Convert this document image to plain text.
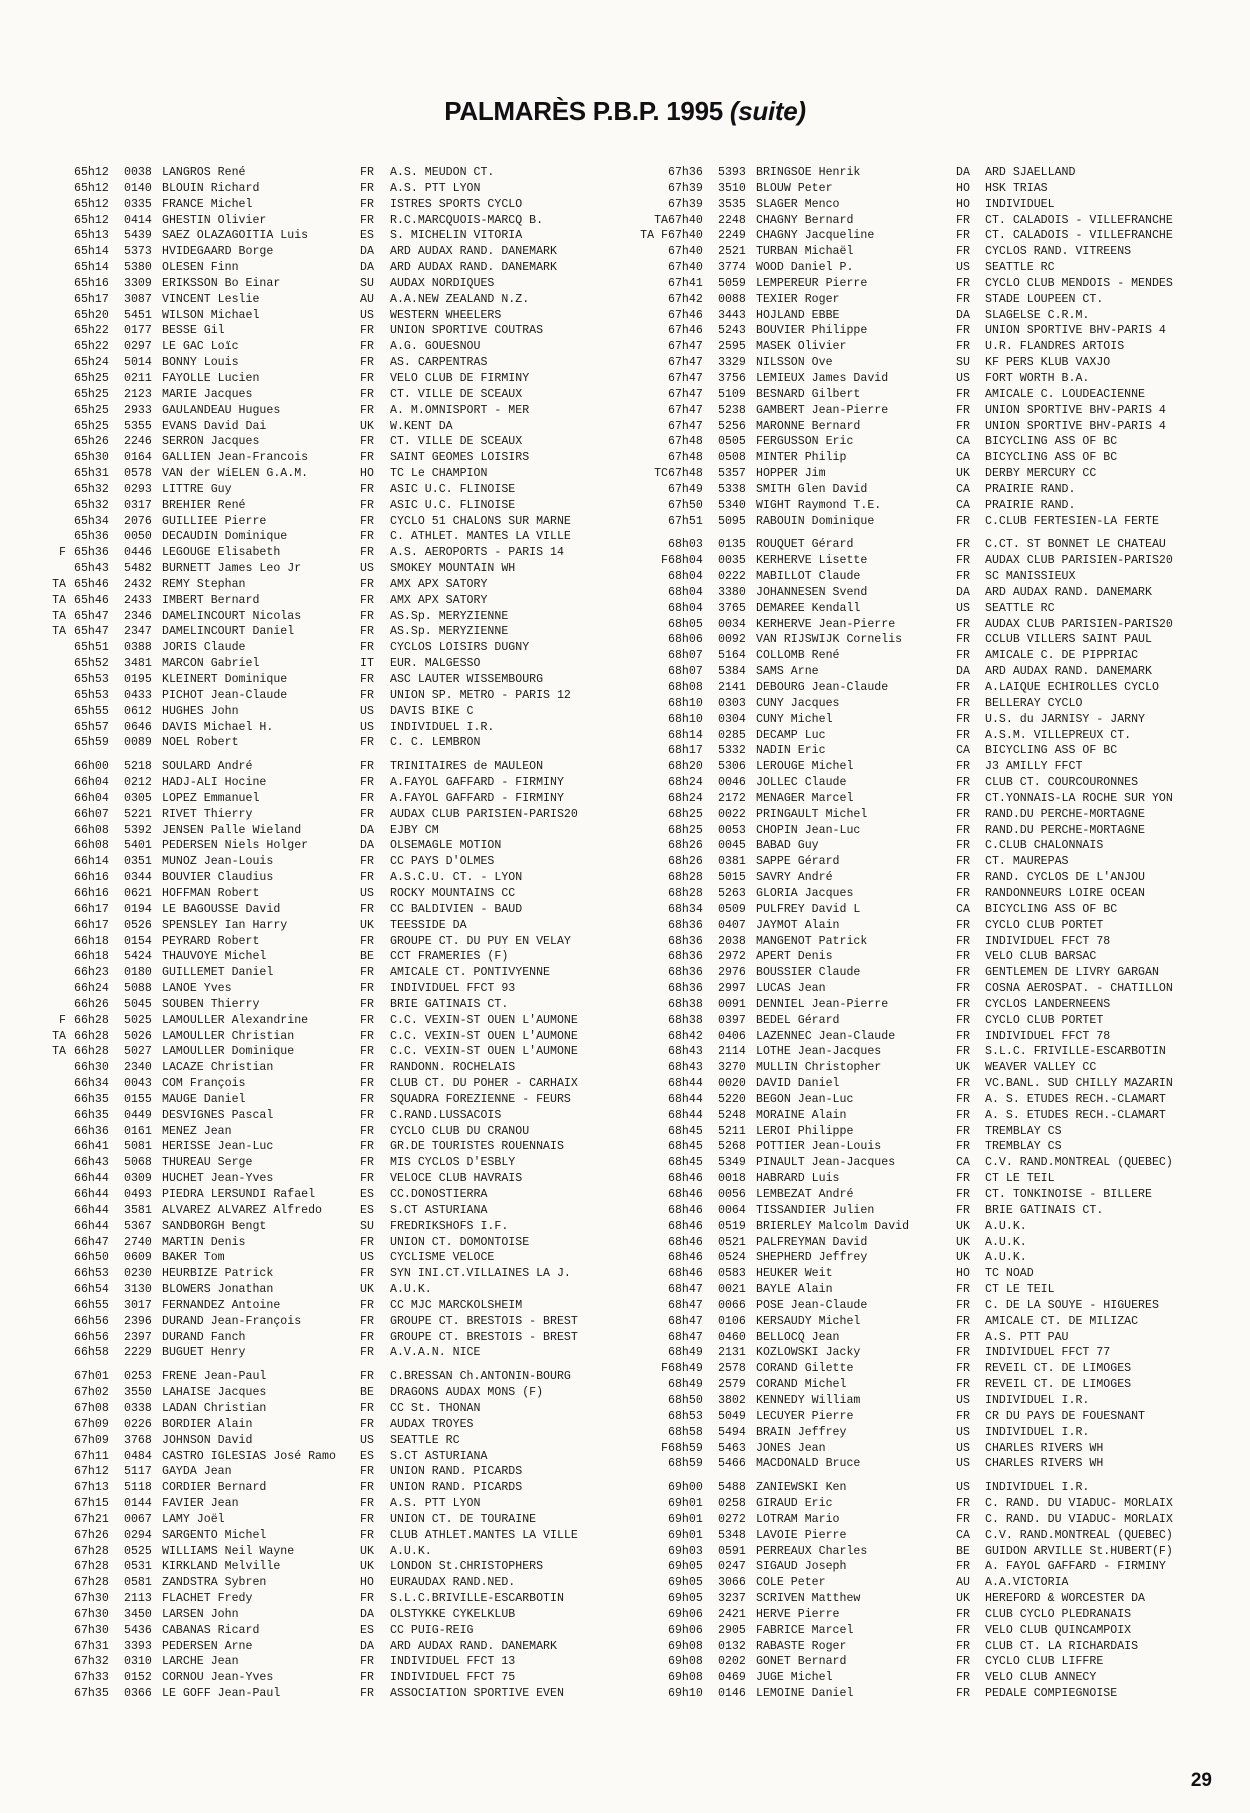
PALMARÈS P.B.P. 1995 (suite)
65h12 0038 LANGROS René	FR A.S. MEUDON CT.
65h12 0140 BLOUIN Richard	FR A.S. PTT LYON
65h12 0335 FRANCE Michel	FR ISTRES SPORTS CYCLO
65h12 0414 GHESTIN Olivier	FR R.C.MARCQUOIS-MARCQ B.
65h13 5439 SAEZ OLAZAGOITIA Luis	ES S. MICHELIN VITORIA
65h14 5373 HVIDEGAARD Borge	DA ARD AUDAX RAND. DANEMARK
65h14 5380 OLESEN Finn	DA ARD AUDAX RAND. DANEMARK
65h16 3309 ERIKSSON Bo Einar	SU AUDAX NORDIQUES
65h17 3087 VINCENT Leslie	AU A.A.NEW ZEALAND N.Z.
65h20 5451 WILSON Michael	US WESTERN WHEELERS
65h22 0177 BESSE Gil	FR UNION SPORTIVE COUTRAS
65h22 0297 LE GAC Loïc	FR A.G. GOUESNOU
65h24 5014 BONNY Louis	FR AS. CARPENTRAS
65h25 0211 FAYOLLE Lucien	FR VELO CLUB DE FIRMINY
65h25 2123 MARIE Jacques	FR CT. VILLE DE SCEAUX
65h25 2933 GAULANDEAU Hugues	FR A. M.OMNISPORT - MER
65h25 5355 EVANS David Dai	UK W.KENT DA
65h26 2246 SERRON Jacques	FR CT. VILLE DE SCEAUX
65h30 0164 GALLIEN Jean-Francois	FR SAINT GEOMES LOISIRS
65h31 0578 VAN der WiELEN G.A.M.	HO TC Le CHAMPION
65h32 0293 LITTRE Guy	FR ASIC U.C. FLINOISE
65h32 0317 BREHIER René	FR ASIC U.C. FLINOISE
65h34 2076 GUILLIEE Pierre	FR CYCLO 51 CHALONS SUR MARNE
65h36 0050 DECAUDIN Dominique	FR C. ATHLET. MANTES LA VILLE
F 65h36 0446 LEGOUGE Elisabeth	FR A.S. AEROPORTS - PARIS 14
65h43 5482 BURNETT James Leo Jr	US SMOKEY MOUNTAIN WH
TA 65h46 2432 REMY Stephan	FR AMX APX SATORY
TA 65h46 2433 IMBERT Bernard	FR AMX APX SATORY
TA 65h47 2346 DAMELINCOURT Nicolas	FR AS.Sp. MERYZIENNE
TA 65h47 2347 DAMELINCOURT Daniel	FR AS.Sp. MERYZIENNE
65h51 0388 JORIS Claude	FR CYCLOS LOISIRS DUGNY
65h52 3481 MARCON Gabriel	IT EUR. MALGESSO
65h53 0195 KLEINERT Dominique	FR ASC LAUTER WISSEMBOURG
65h53 0433 PICHOT Jean-Claude	FR UNION SP. METRO - PARIS 12
65h55 0612 HUGHES John	US DAVIS BIKE C
65h57 0646 DAVIS Michael H.	US INDIVIDUEL I.R.
65h59 0089 NOEL Robert	FR C. C. LEMBRON
66h00 5218 SOULARD André	FR TRINITAIRES de MAULEON
66h04 0212 HADJ-ALI Hocine	FR A.FAYOL GAFFARD - FIRMINY
66h04 0305 LOPEZ Emmanuel	FR A.FAYOL GAFFARD - FIRMINY
66h07 5221 RIVET Thierry	FR AUDAX CLUB PARISIEN-PARIS20
66h08 5392 JENSEN Palle Wieland	DA EJBY CM
66h08 5401 PEDERSEN Niels Holger	DA OLSEMAGLE MOTION
66h14 0351 MUNOZ Jean-Louis	FR CC PAYS D'OLMES
66h16 0344 BOUVIER Claudius	FR A.S.C.U. CT. - LYON
66h16 0621 HOFFMAN Robert	US ROCKY MOUNTAINS CC
66h17 0194 LE BAGOUSSE David	FR CC BALDIVIEN - BAUD
66h17 0526 SPENSLEY Ian Harry	UK TEESSIDE DA
66h18 0154 PEYRARD Robert	FR GROUPE CT. DU PUY EN VELAY
66h18 5424 THAUVOYE Michel	BE CCT FRAMERIES (F)
66h23 0180 GUILLEMET Daniel	FR AMICALE CT. PONTIVYENNE
66h24 5088 LANOE Yves	FR INDIVIDUEL FFCT 93
66h26 5045 SOUBEN Thierry	FR BRIE GATINAIS CT.
F 66h28 5025 LAMOULLER Alexandrine	FR C.C. VEXIN-ST OUEN L'AUMONE
TA 66h28 5026 LAMOULLER Christian	FR C.C. VEXIN-ST OUEN L'AUMONE
TA 66h28 5027 LAMOULLER Dominique	FR C.C. VEXIN-ST OUEN L'AUMONE
66h30 2340 LACAZE Christian	FR RANDONN. ROCHELAIS
66h34 0043 COM François	FR CLUB CT. DU POHER - CARHAIX
66h35 0155 MAUGE Daniel	FR SQUADRA FOREZIENNE - FEURS
66h35 0449 DESVIGNES Pascal	FR C.RAND.LUSSACOIS
66h36 0161 MENEZ Jean	FR CYCLO CLUB DU CRANOU
66h41 5081 HERISSE Jean-Luc	FR GR.DE TOURISTES ROUENNAIS
66h43 5068 THUREAU Serge	FR MIS CYCLOS D'ESBLY
66h44 0309 HUCHET Jean-Yves	FR VELOCE CLUB HAVRAIS
66h44 0493 PIEDRA LERSUNDI Rafael	ES CC.DONOSTIERRA
66h44 3581 ALVAREZ ALVAREZ Alfredo	ES S.CT ASTURIANA
66h44 5367 SANDBORGH Bengt	SU FREDRIKSHOFS I.F.
66h47 2740 MARTIN Denis	FR UNION CT. DOMONTOISE
66h50 0609 BAKER Tom	US CYCLISME VELOCE
66h53 0230 HEURBIZE Patrick	FR SYN INI.CT.VILLAINES LA J.
66h54 3130 BLOWERS Jonathan	UK A.U.K.
66h55 3017 FERNANDEZ Antoine	FR CC MJC MARCKOLSHEIM
66h56 2396 DURAND Jean-François	FR GROUPE CT. BRESTOIS - BREST
66h56 2397 DURAND Fanch	FR GROUPE CT. BRESTOIS - BREST
66h58 2229 BUGUET Henry	FR A.V.A.N. NICE
67h01 0253 FRENE Jean-Paul	FR C.BRESSAN Ch.ANTONIN-BOURG
67h02 3550 LAHAISE Jacques	BE DRAGONS AUDAX MONS (F)
67h08 0338 LADAN Christian	FR CC St. THONAN
67h09 0226 BORDIER Alain	FR AUDAX TROYES
67h09 3768 JOHNSON David	US SEATTLE RC
67h11 0484 CASTRO IGLESIAS José Ramo ES S.CT ASTURIANA
67h12 5117 GAYDA Jean	FR UNION RAND. PICARDS
67h13 5118 CORDIER Bernard	FR UNION RAND. PICARDS
67h15 0144 FAVIER Jean	FR A.S. PTT LYON
67h21 0067 LAMY Joël	FR UNION CT. DE TOURAINE
67h26 0294 SARGENTO Michel	FR CLUB ATHLET.MANTES LA VILLE
67h28 0525 WILLIAMS Neil Wayne	UK A.U.K.
67h28 0531 KIRKLAND Melville	UK LONDON St.CHRISTOPHERS
67h28 0581 ZANDSTRA Sybren	HO EURAUDAX RAND.NED.
67h30 2113 FLACHET Fredy	FR S.L.C.BRIVILLE-ESCARBOTIN
67h30 3450 LARSEN John	DA OLSTYKKE CYKELKLUB
67h30 5436 CABANAS Ricard	ES CC PUIG-REIG
67h31 3393 PEDERSEN Arne	DA ARD AUDAX RAND. DANEMARK
67h32 0310 LARCHE Jean	FR INDIVIDUEL FFCT 13
67h33 0152 CORNOU Jean-Yves	FR INDIVIDUEL FFCT 75
67h35 0366 LE GOFF Jean-Paul	FR ASSOCIATION SPORTIVE EVEN
67h36 5393 BRINGSOE Henrik	DA ARD SJAELLAND
67h39 3510 BLOUW Peter	HO HSK TRIAS
67h39 3535 SLAGER Menco	HO INDIVIDUEL
TA 67h40 2248 CHAGNY Bernard	FR CT. CALADOIS - VILLEFRANCHE
TA F 67h40 2249 CHAGNY Jacqueline	FR CT. CALADOIS - VILLEFRANCHE
67h40 2521 TURBAN Michaël	FR CYCLOS RAND. VITREENS
67h40 3774 WOOD Daniel P.	US SEATTLE RC
67h41 5059 LEMPEREUR Pierre	FR CYCLO CLUB MENDOIS - MENDES
67h42 0088 TEXIER Roger	FR STADE LOUPEEN CT.
67h46 3443 HOJLAND EBBE	DA SLAGELSE C.R.M.
67h46 5243 BOUVIER Philippe	FR UNION SPORTIVE BHV-PARIS 4
67h47 2595 MASEK Olivier	FR U.R. FLANDRES ARTOIS
67h47 3329 NILSSON Ove	SU KF PERS KLUB VAXJO
67h47 3756 LEMIEUX James David	US FORT WORTH B.A.
67h47 5109 BESNARD Gilbert	FR AMICALE C. LOUDEACIENNE
67h47 5238 GAMBERT Jean-Pierre	FR UNION SPORTIVE BHV-PARIS 4
67h47 5256 MARONNE Bernard	FR UNION SPORTIVE BHV-PARIS 4
67h48 0505 FERGUSSON Eric	CA BICYCLING ASS OF BC
67h48 0508 MINTER Philip	CA BICYCLING ASS OF BC
TC 67h48 5357 HOPPER Jim	UK DERBY MERCURY CC
67h49 5338 SMITH Glen David	CA PRAIRIE RAND.
67h50 5340 WIGHT Raymond T.E.	CA PRAIRIE RAND.
67h51 5095 RABOUIN Dominique	FR C.CLUB FERTESIEN-LA FERTE
68h03 0135 ROUQUET Gérard	FR C.CT. ST BONNET LE CHATEAU
F 68h04 0035 KERHERVE Lisette	FR AUDAX CLUB PARISIEN-PARIS20
68h04 0222 MABILLOT Claude	FR SC MANISSIEUX
68h04 3380 JOHANNESEN Svend	DA ARD AUDAX RAND. DANEMARK
68h04 3765 DEMAREE Kendall	US SEATTLE RC
68h05 0034 KERHERVE Jean-Pierre	FR AUDAX CLUB PARISIEN-PARIS20
68h06 0092 VAN RIJSWIJK Cornelis	FR CCLUB VILLERS SAINT PAUL
68h07 5164 COLLOMB René	FR AMICALE C. DE PIPPRIAC
68h07 5384 SAMS Arne	DA ARD AUDAX RAND. DANEMARK
68h08 2141 DEBOURG Jean-Claude	FR A.LAIQUE ECHIROLLES CYCLO
68h10 0303 CUNY Jacques	FR BELLERAY CYCLO
68h10 0304 CUNY Michel	FR U.S. du JARNISY - JARNY
68h14 0285 DECAMP Luc	FR A.S.M. VILLEPREUX CT.
68h17 5332 NADIN Eric	CA BICYCLING ASS OF BC
68h20 5306 LEROUGE Michel	FR J3 AMILLY FFCT
68h24 0046 JOLLEC Claude	FR CLUB CT. COURCOURONNES
68h24 2172 MENAGER Marcel	FR CT.YONNAIS-LA ROCHE SUR YON
68h25 0022 PRINGAULT Michel	FR RAND.DU PERCHE-MORTAGNE
68h25 0053 CHOPIN Jean-Luc	FR RAND.DU PERCHE-MORTAGNE
68h26 0045 BABAD Guy	FR C.CLUB CHALONNAIS
68h26 0381 SAPPE Gérard	FR CT. MAUREPAS
68h28 5015 SAVRY André	FR RAND. CYCLOS DE L'ANJOU
68h28 5263 GLORIA Jacques	FR RANDONNEURS LOIRE OCEAN
68h34 0509 PULFREY David L	CA BICYCLING ASS OF BC
68h36 0407 JAYMOT Alain	FR CYCLO CLUB PORTET
68h36 2038 MANGENOT Patrick	FR INDIVIDUEL FFCT 78
68h36 2972 APERT Denis	FR VELO CLUB BARSAC
68h36 2976 BOUSSIER Claude	FR GENTLEMEN DE LIVRY GARGAN
68h36 2997 LUCAS Jean	FR COSNA AEROSPAT. - CHATILLON
68h38 0091 DENNIEL Jean-Pierre	FR CYCLOS LANDERNEENS
68h38 0397 BEDEL Gérard	FR CYCLO CLUB PORTET
68h42 0406 LAZENNEC Jean-Claude	FR INDIVIDUEL FFCT 78
68h43 2114 LOTHE Jean-Jacques	FR S.L.C. FRIVILLE-ESCARBOTIN
68h43 3270 MULLIN Christopher	UK WEAVER VALLEY CC
68h44 0020 DAVID Daniel	FR VC.BANL. SUD CHILLY MAZARIN
68h44 5220 BEGON Jean-Luc	FR A. S. ETUDES RECH.-CLAMART
68h44 5248 MORAINE Alain	FR A. S. ETUDES RECH.-CLAMART
68h45 5211 LEROI Philippe	FR TREMBLAY CS
68h45 5268 POTTIER Jean-Louis	FR TREMBLAY CS
68h45 5349 PINAULT Jean-Jacques	CA C.V. RAND.MONTREAL (QUEBEC)
68h46 0018 HABRARD Luis	FR CT LE TEIL
68h46 0056 LEMBEZAT André	FR CT. TONKINOISE - BILLERE
68h46 0064 TISSANDIER Julien	FR BRIE GATINAIS CT.
68h46 0519 BRIERLEY Malcolm David	UK A.U.K.
68h46 0521 PALFREYMAN David	UK A.U.K.
68h46 0524 SHEPHERD Jeffrey	UK A.U.K.
68h46 0583 HEUKER Weit	HO TC NOAD
68h47 0021 BAYLE Alain	FR CT LE TEIL
68h47 0066 POSE Jean-Claude	FR C. DE LA SOUYE - HIGUERES
68h47 0106 KERSAUDY Michel	FR AMICALE CT. DE MILIZAC
68h47 0460 BELLOCQ Jean	FR A.S. PTT PAU
68h49 2131 KOZLOWSKI Jacky	FR INDIVIDUEL FFCT 77
F 68h49 2578 CORAND Gilette	FR REVEIL CT. DE LIMOGES
68h49 2579 CORAND Michel	FR REVEIL CT. DE LIMOGES
68h50 3802 KENNEDY William	US INDIVIDUEL I.R.
68h53 5049 LECUYER Pierre	FR CR DU PAYS DE FOUESNANT
68h58 5494 BRAIN Jeffrey	US INDIVIDUEL I.R.
F 68h59 5463 JONES Jean	US CHARLES RIVERS WH
68h59 5466 MACDONALD Bruce	US CHARLES RIVERS WH
69h00 5488 ZANIEWSKI Ken	US INDIVIDUEL I.R.
69h01 0258 GIRAUD Eric	FR C. RAND. DU VIADUC- MORLAIX
69h01 0272 LOTRAM Mario	FR C. RAND. DU VIADUC- MORLAIX
69h01 5348 LAVOIE Pierre	CA C.V. RAND.MONTREAL (QUEBEC)
69h03 0591 PERREAUX Charles	BE GUIDON ARVILLE St.HUBERT(F)
69h05 0247 SIGAUD Joseph	FR A. FAYOL GAFFARD - FIRMINY
69h05 3066 COLE Peter	AU A.A.VICTORIA
69h05 3237 SCRIVEN Matthew	UK HEREFORD & WORCESTER DA
69h06 2421 HERVE Pierre	FR CLUB CYCLO PLEDRANAIS
69h06 2905 FABRICE Marcel	FR VELO CLUB QUINCAMPOIX
69h08 0132 RABASTE Roger	FR CLUB CT. LA RICHARDAIS
69h08 0202 GONET Bernard	FR CYCLO CLUB LIFFRE
69h08 0469 JUGE Michel	FR VELO CLUB ANNECY
69h10 0146 LEMOINE Daniel	FR PEDALE COMPIEGNOISE
29
